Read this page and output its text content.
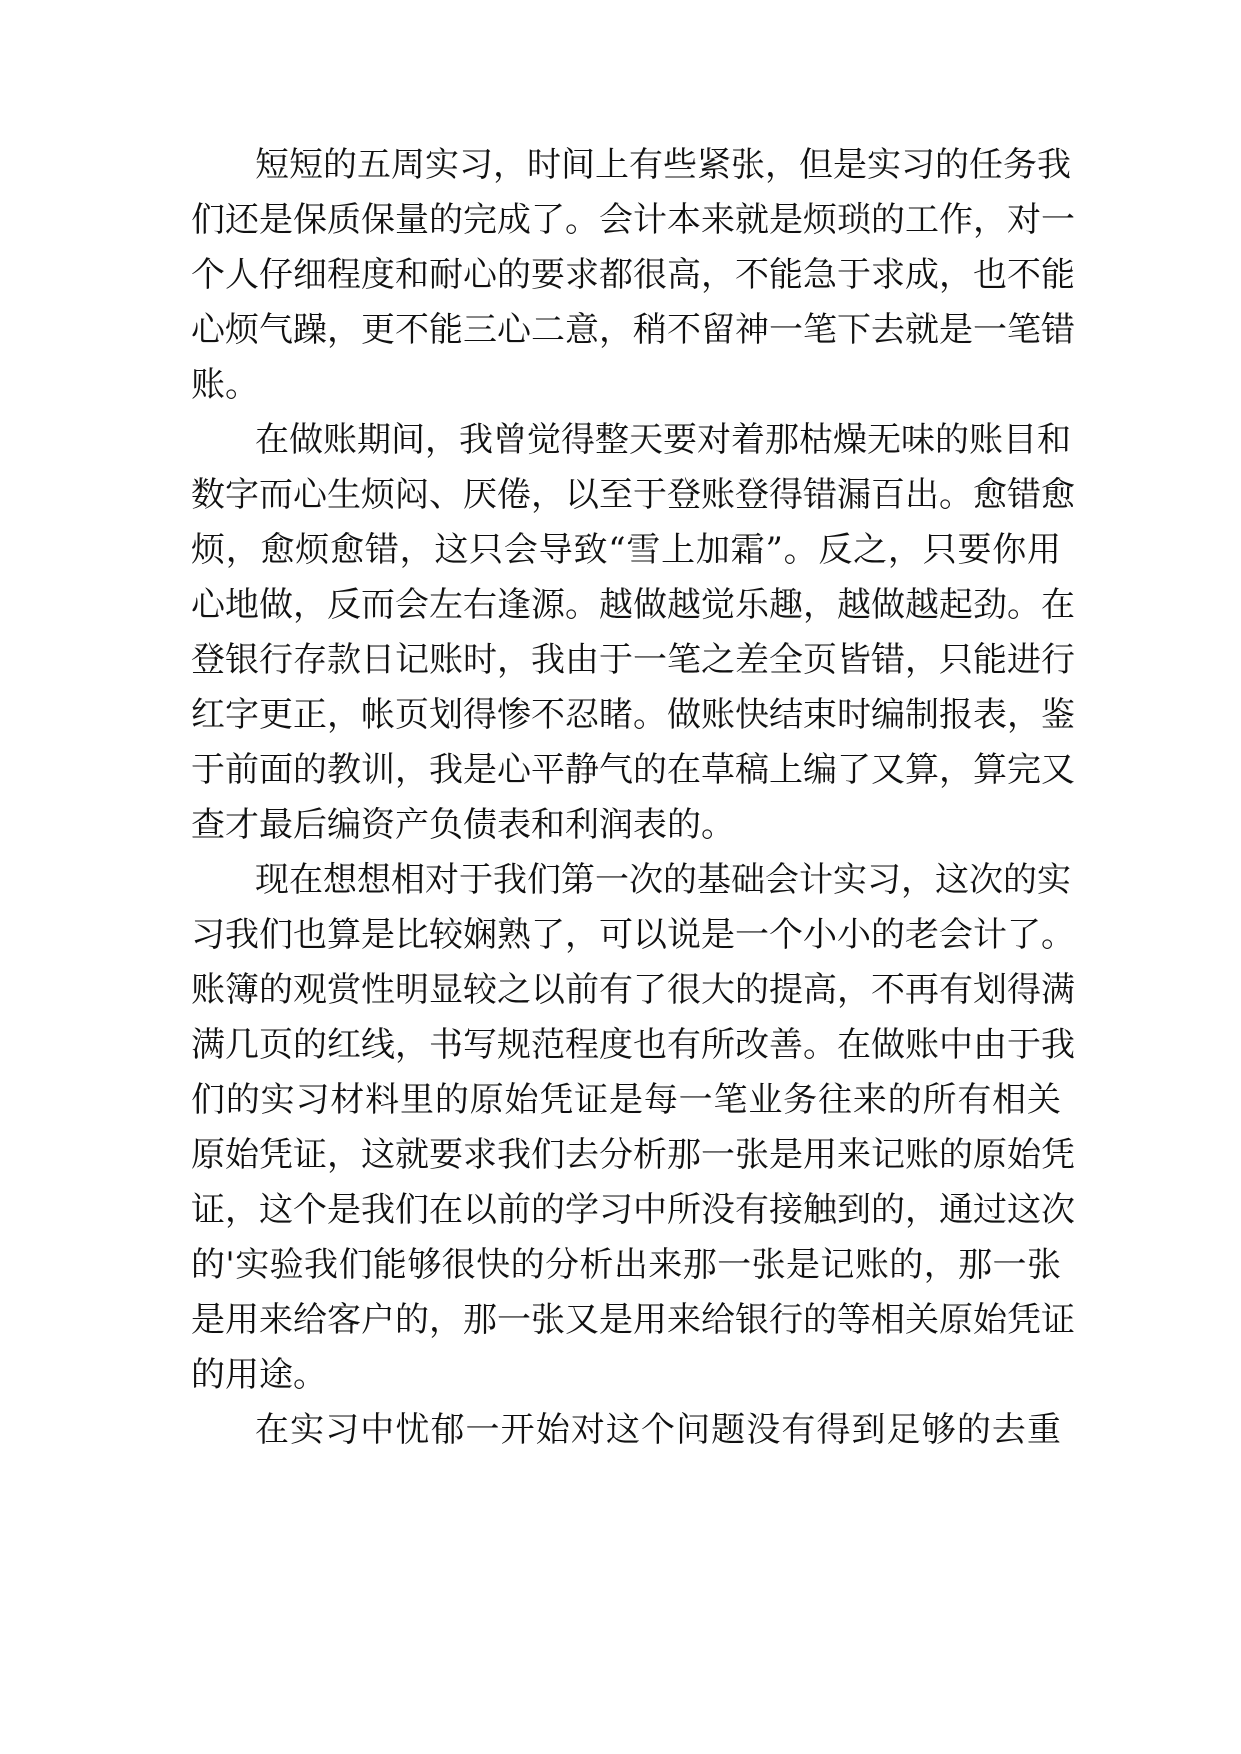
短短的五周实习，时间上有些紧张，但是实习的任务我
们还是保质保量的完成了。会计本来就是烦琐的工作，对一
个人仔细程度和耐心的要求都很高，不能急于求成，也不能
心烦气躁，更不能三心二意，稍不留神一笔下去就是一笔错
账。
在做账期间，我曾觉得整天要对着那枯燥无味的账目和
数字而心生烦闷、厌倦，以至于登账登得错漏百出。愈错愈
烦，愈烦愈错，这只会导致“雪上加霜”。反之，只要你用
心地做，反而会左右逢源。越做越觉乐趣，越做越起劲。在
登银行存款日记账时，我由于一笔之差全页皆错，只能进行
红字更正，帐页划得惨不忍睹。做账快结束时编制报表，鉴
于前面的教训，我是心平静气的在草稿上编了又算，算完又
查才最后编资产负债表和利润表的。
现在想想相对于我们第一次的基础会计实习，这次的实
习我们也算是比较娴熟了，可以说是一个小小的老会计了。
账簿的观赏性明显较之以前有了很大的提高，不再有划得满
满几页的红线，书写规范程度也有所改善。在做账中由于我
们的实习材料里的原始凭证是每一笔业务往来的所有相关
原始凭证，这就要求我们去分析那一张是用来记账的原始凭
证，这个是我们在以前的学习中所没有接触到的，通过这次
的'实验我们能够很快的分析出来那一张是记账的，那一张
是用来给客户的，那一张又是用来给银行的等相关原始凭证
的用途。
在实习中忧郁一开始对这个问题没有得到足够的去重
